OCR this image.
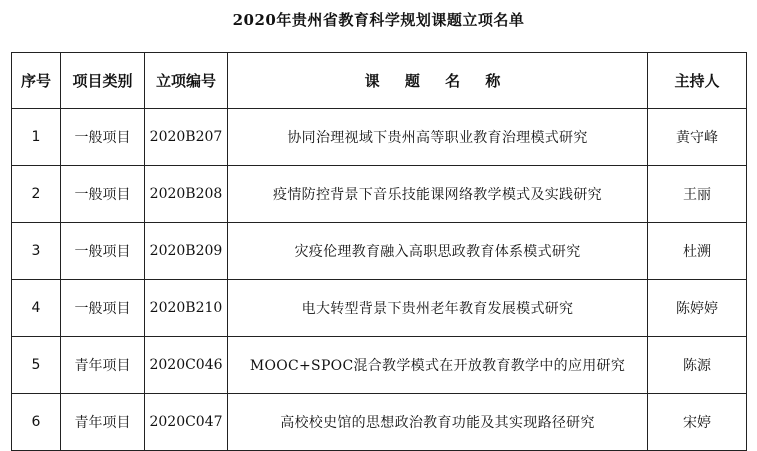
2020年贵州省教育科学规划课题立项名单
序号	项目类别	立项编号	课 题 名 称	主持人
1	一般项目	2020B207	协同治理视域下贵州高等职业教育治理模式研究	黄守峰
2	一般项目	2020B208	疫情防控背景下音乐技能课网络教学模式及实践研究	王丽
3	一般项目	2020B209	灾疫伦理教育融入高职思政教育体系模式研究	杜溯
4	一般项目	2020B210	电大转型背景下贵州老年教育发展模式研究	陈婷婷
5	青年项目	2020C046	MOOC+SPOC混合教学模式在开放教育教学中的应用研究	陈源
6	青年项目	2020C047	高校校史馆的思想政治教育功能及其实现路径研究	宋婷
